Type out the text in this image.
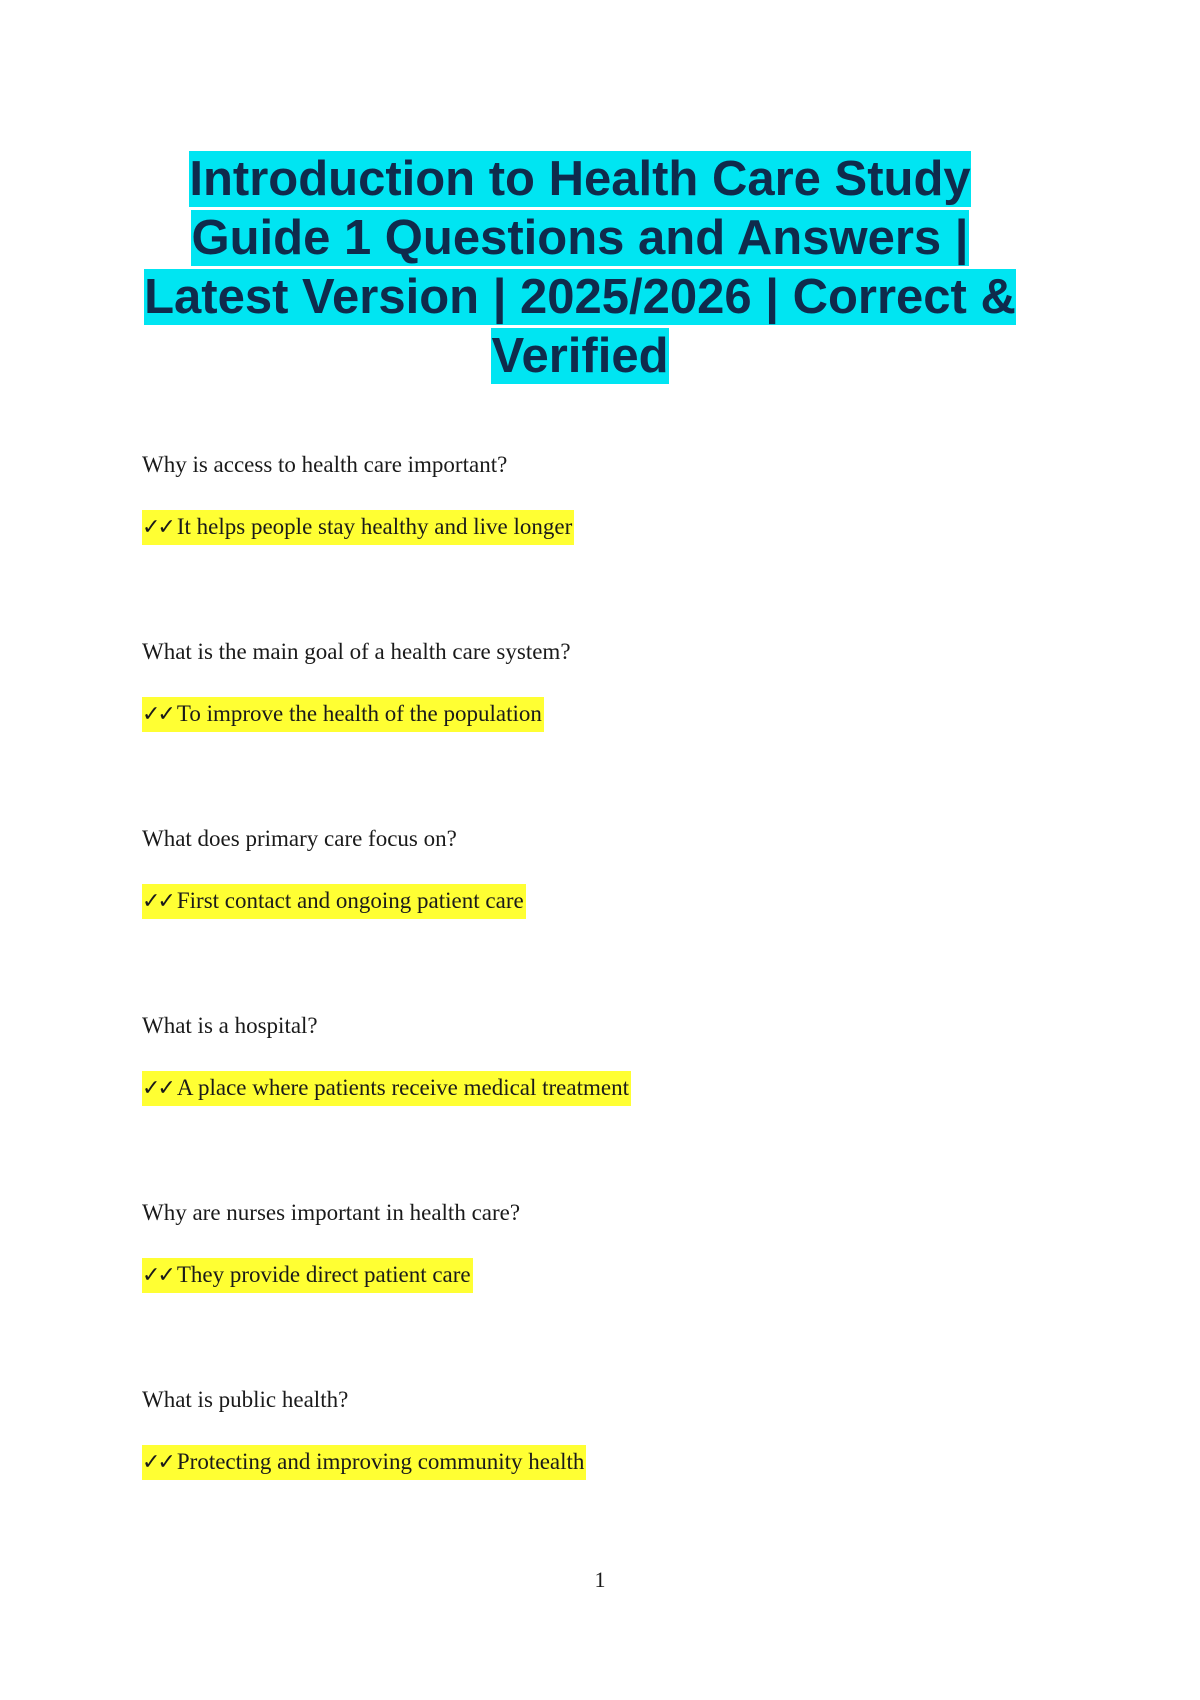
Introduction to Health Care Study Guide 1 Questions and Answers | Latest Version | 2025/2026 | Correct & Verified
Why is access to health care important?
✓✓ It helps people stay healthy and live longer
What is the main goal of a health care system?
✓✓ To improve the health of the population
What does primary care focus on?
✓✓ First contact and ongoing patient care
What is a hospital?
✓✓ A place where patients receive medical treatment
Why are nurses important in health care?
✓✓ They provide direct patient care
What is public health?
✓✓ Protecting and improving community health
1
